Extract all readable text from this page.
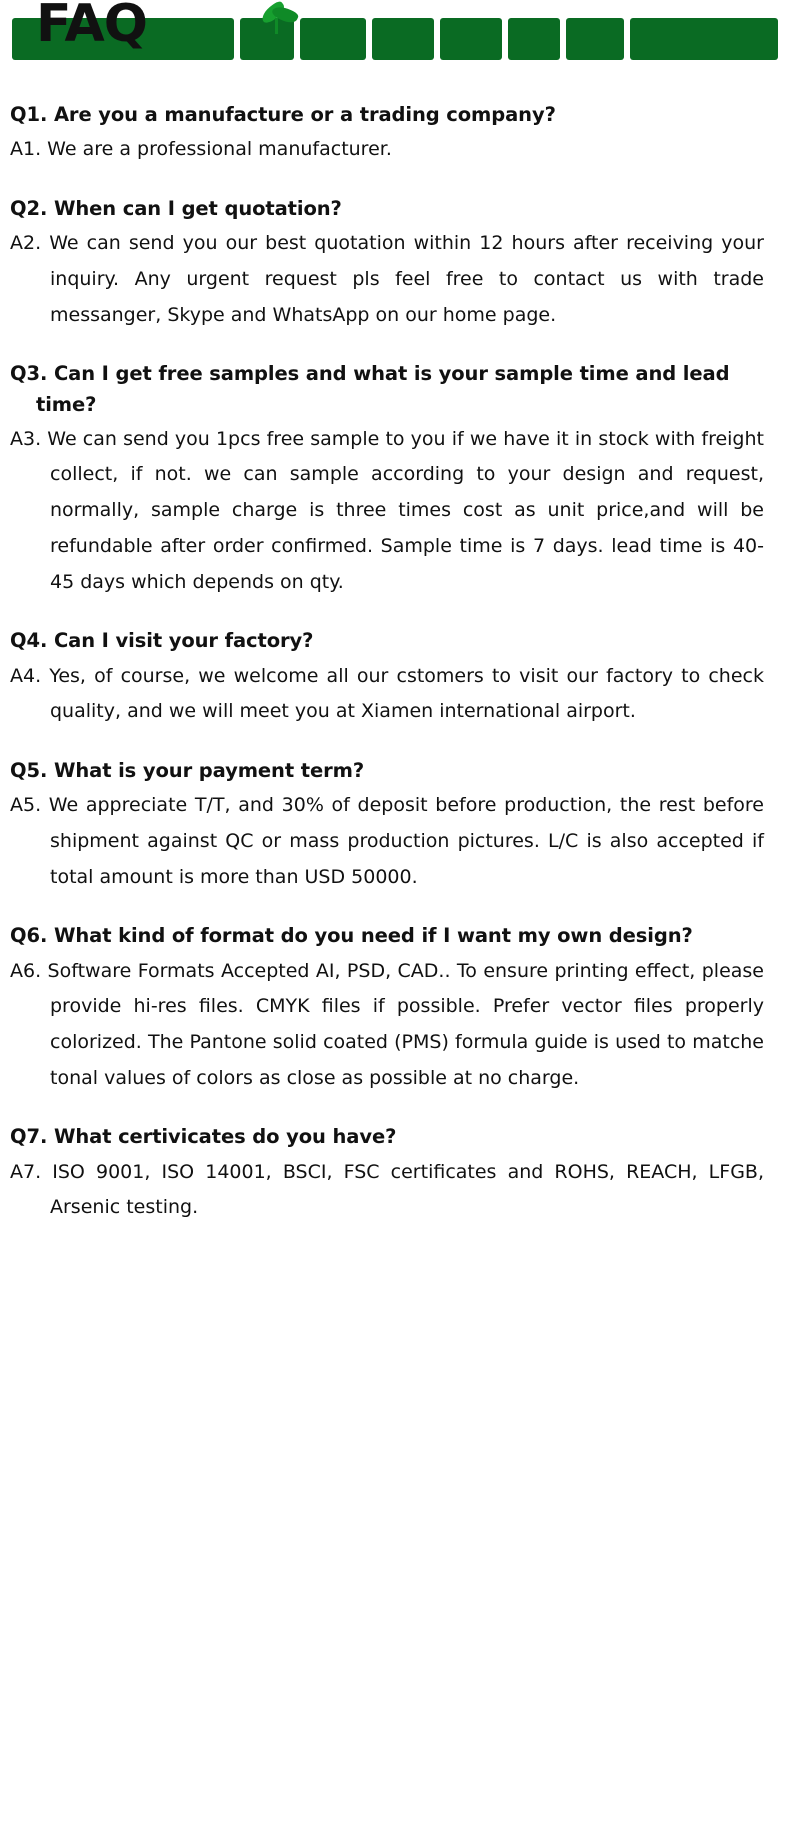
FAQ
Q1. Are you a manufacture or a trading company?
A1. We are a professional manufacturer.
Q2. When can I get quotation?
A2. We can send you our best quotation within 12 hours after receiving your inquiry. Any urgent request pls feel free to contact us with trade messanger, Skype and WhatsApp on our home page.
Q3. Can I get free samples and what is your sample time and lead time?
A3. We can send you 1pcs free sample to you if we have it in stock with freight collect, if not. we can sample according to your design and request, normally, sample charge is three times cost as unit price,and will be refundable after order confirmed. Sample time is 7 days. lead time is 40-45 days which depends on qty.
Q4. Can I visit your factory?
A4. Yes, of course, we welcome all our cstomers to visit our factory to check quality, and we will meet you at Xiamen international airport.
Q5. What is your payment term?
A5. We appreciate T/T, and 30% of deposit before production, the rest before shipment against QC or mass production pictures. L/C is also accepted if total amount is more than USD 50000.
Q6. What kind of format do you need if I want my own design?
A6. Software Formats Accepted AI, PSD, CAD.. To ensure printing effect, please provide hi-res files. CMYK files if possible. Prefer vector files properly colorized. The Pantone solid coated (PMS) formula guide is used to matche tonal values of colors as close as possible at no charge.
Q7. What certivicates do you have?
A7. ISO 9001, ISO 14001, BSCI, FSC certificates and ROHS, REACH, LFGB, Arsenic testing.
